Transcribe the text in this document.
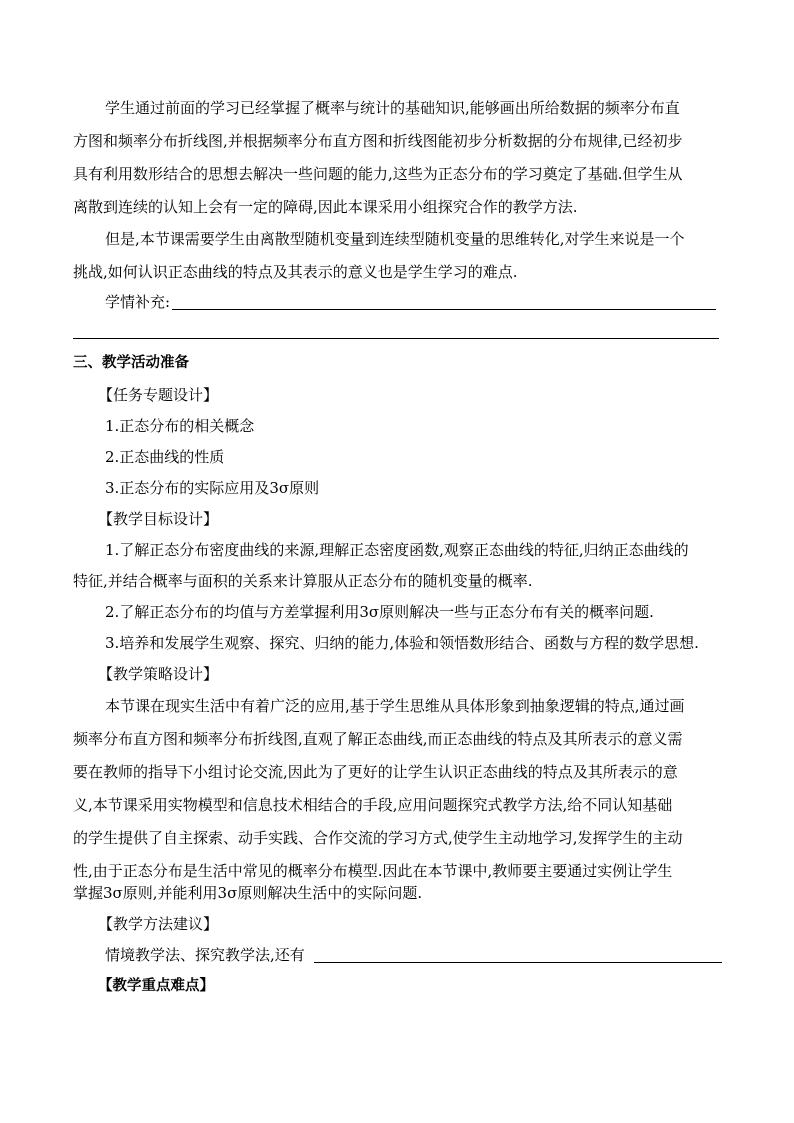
学生通过前面的学习已经掌握了概率与统计的基础知识,能够画出所给数据的频率分布直
方图和频率分布折线图,并根据频率分布直方图和折线图能初步分析数据的分布规律,已经初步
具有利用数形结合的思想去解决一些问题的能力,这些为正态分布的学习奠定了基础.但学生从
离散到连续的认知上会有一定的障碍,因此本课采用小组探究合作的教学方法.
但是,本节课需要学生由离散型随机变量到连续型随机变量的思维转化,对学生来说是一个
挑战,如何认识正态曲线的特点及其表示的意义也是学生学习的难点.
学情补充:
三、教学活动准备
【任务专题设计】
1.正态分布的相关概念
2.正态曲线的性质
3.正态分布的实际应用及3σ原则
【教学目标设计】
1.了解正态分布密度曲线的来源,理解正态密度函数,观察正态曲线的特征,归纳正态曲线的
特征,并结合概率与面积的关系来计算服从正态分布的随机变量的概率.
2.了解正态分布的均值与方差掌握利用3σ原则解决一些与正态分布有关的概率问题.
3.培养和发展学生观察、探究、归纳的能力,体验和领悟数形结合、函数与方程的数学思想.
【教学策略设计】
本节课在现实生活中有着广泛的应用,基于学生思维从具体形象到抽象逻辑的特点,通过画
频率分布直方图和频率分布折线图,直观了解正态曲线,而正态曲线的特点及其所表示的意义需
要在教师的指导下小组讨论交流,因此为了更好的让学生认识正态曲线的特点及其所表示的意
义,本节课采用实物模型和信息技术相结合的手段,应用问题探究式教学方法,给不同认知基础
的学生提供了自主探索、动手实践、合作交流的学习方式,使学生主动地学习,发挥学生的主动
性,由于正态分布是生活中常见的概率分布模型.因此在本节课中,教师要主要通过实例让学生
掌握3σ原则,并能利用3σ原则解决生活中的实际问题.
【教学方法建议】
情境教学法、探究教学法,还有
【教学重点难点】
